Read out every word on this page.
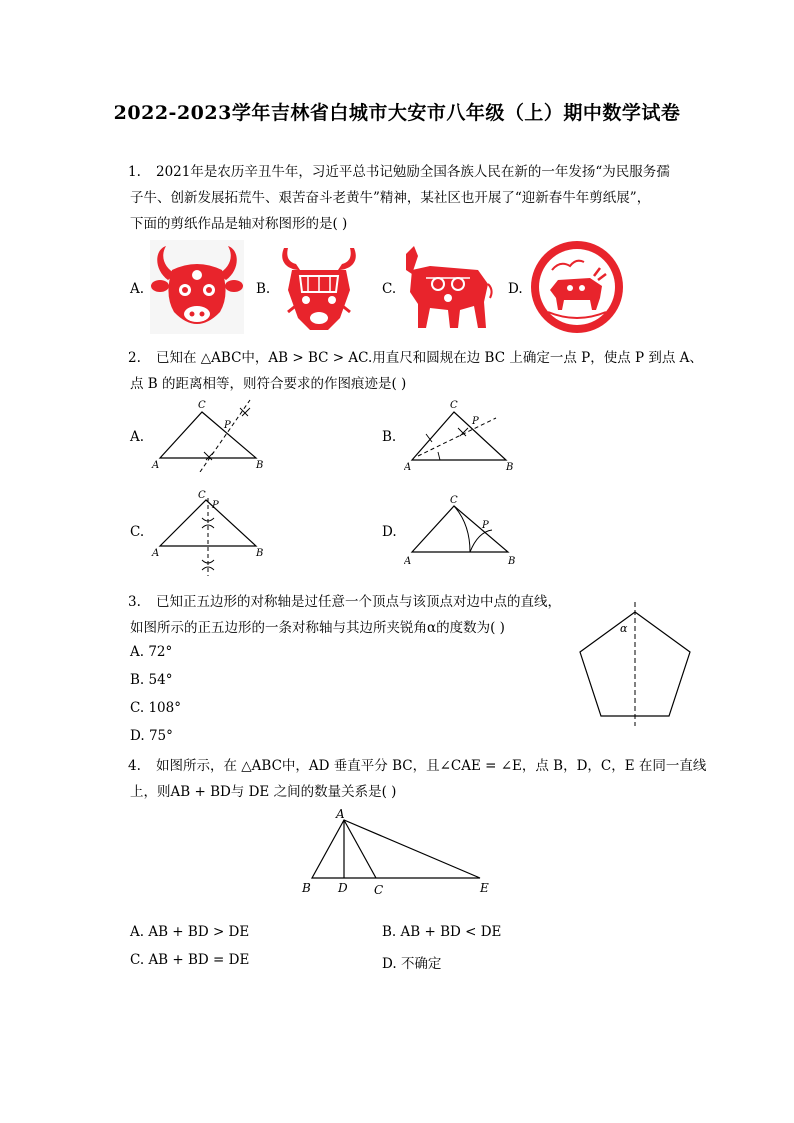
2022-2023学年吉林省白城市大安市八年级（上）期中数学试卷
1. 2021年是农历辛丑牛年，习近平总书记勉励全国各族人民在新的一年发扬“为民服务孺
子牛、创新发展拓荒牛、艰苦奋斗老黄牛”精神，某社区也开展了“迎新春牛年剪纸展”，
下面的剪纸作品是轴对称图形的是( )
A.	B.	C.	D.
2. 已知在 △ABC中，AB > BC > AC.用直尺和圆规在边 BC 上确定一点 P，使点 P 到点 A、
点 B 的距离相等，则符合要求的作图痕迹是( )
A.	B.
C.	D.
A
C
B
P
A
C
B
P
A
C
P
B
A
C
P
B
3. 已知正五边形的对称轴是过任意一个顶点与该顶点对边中点的直线，
如图所示的正五边形的一条对称轴与其边所夹锐角α的度数为( )
A. 72°
B. 54°
C. 108°
D. 75°
α
4. 如图所示，在 △ABC中，AD 垂直平分 BC，且∠CAE = ∠E，点 B，D，C，E 在同一直线
上，则AB + BD与 DE 之间的数量关系是( )
A
B D C	E
A. AB + BD > DE	B. AB + BD < DE
C. AB + BD = DE	D. 不确定
